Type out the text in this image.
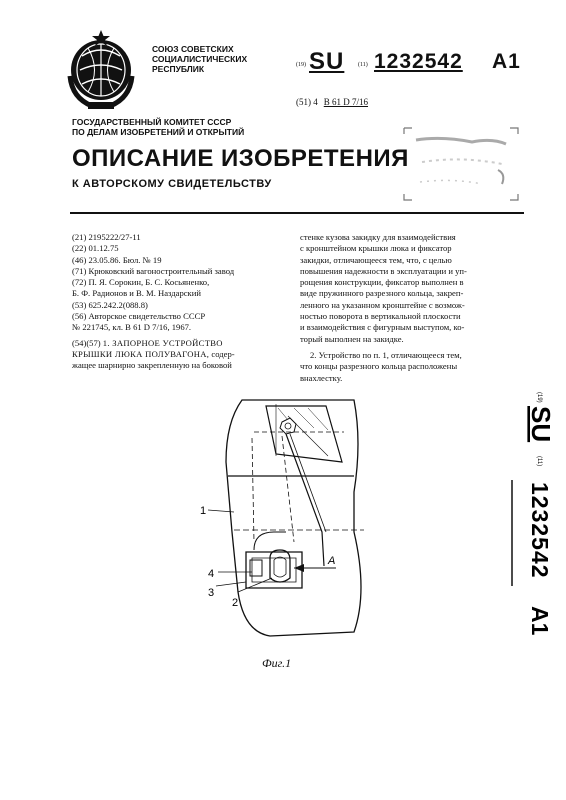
СОЮЗ СОВЕТСКИХ
СОЦИАЛИСТИЧЕСКИХ
РЕСПУБЛИК	(19) SU (11) 1232542 A1
(51) 4 B 61 D 7/16
ГОСУДАРСТВЕННЫЙ КОМИТЕТ СССР
ПО ДЕЛАМ ИЗОБРЕТЕНИЙ И ОТКРЫТИЙ
ОПИСАНИЕ ИЗОБРЕТЕНИЯ
К АВТОРСКОМУ СВИДЕТЕЛЬСТВУ
(21) 2195222/27-11
(22) 01.12.75
(46) 23.05.86. Бюл. № 19
(71) Крюковский вагоностроительный завод
(72) П. Я. Сорокин, Б. С. Косьяненко,
Б. Ф. Радионов и В. М. Наздарский
(53) 625.242.2(088.8)
(56) Авторское свидетельство СССР
№ 221745, кл. В 61 D 7/16, 1967.
(54)(57) 1. ЗАПОРНОЕ УСТРОЙСТВО
КРЫШКИ ЛЮКА ПОЛУВАГОНА, содер-
жащее шарнирно закрепленную на боковой
стенке кузова закидку для взаимодействия
с кронштейном крышки люка и фиксатор
закидки, отличающееся тем, что, с целью
повышения надежности в эксплуатации и уп-
рощения конструкции, фиксатор выполнен в
виде пружинного разрезного кольца, закреп-
ленного на указанном кронштейне с возмож-
ностью поворота в вертикальной плоскости
и взаимодействия с фигурным выступом, ко-
торый выполнен на закидке.
2. Устройство по п. 1, отличающееся тем,
что концы разрезного кольца расположены
внахлестку.
(19)
SU
(11)
1232542
A1
A
1
2
3
4
Фиг.1
